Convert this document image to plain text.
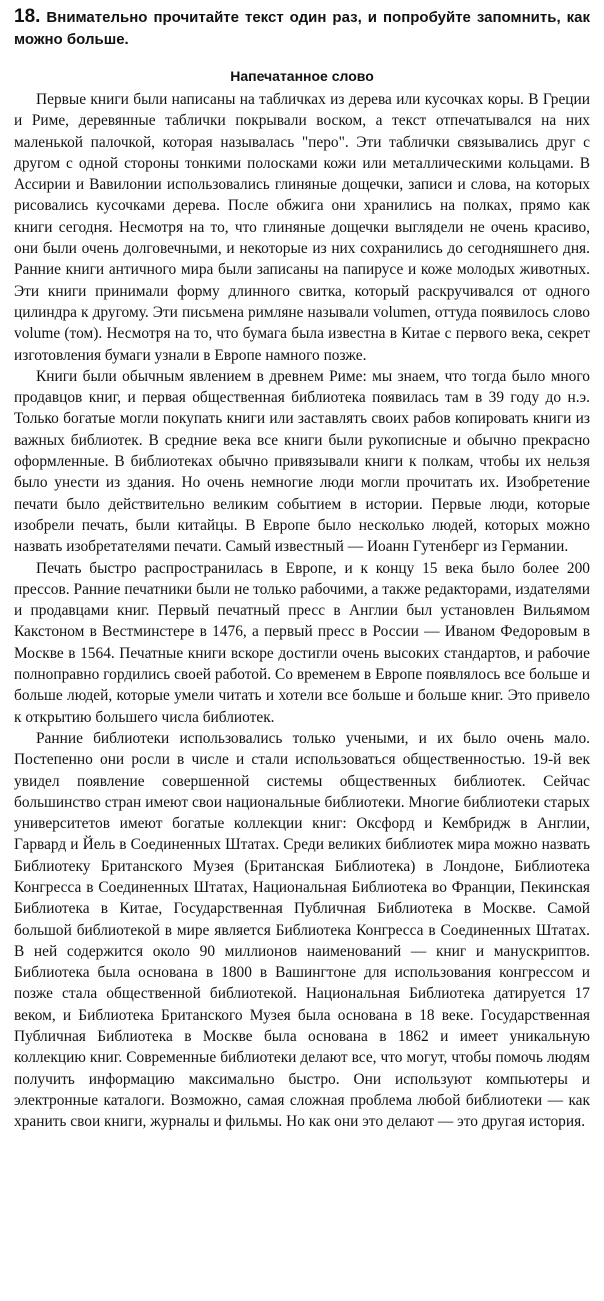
18. Внимательно прочитайте текст один раз, и попробуйте запомнить, как можно больше.

Напечатанное слово

Первые книги были написаны на табличках из дерева или кусочках коры. В Греции и Риме, деревянные таблички покрывали воском, а текст отпечатывался на них маленькой палочкой, которая называлась "перо". Эти таблички связывались друг с другом с одной стороны тонкими полосками кожи или металлическими кольцами. В Ассирии и Вавилонии использовались глиняные дощечки, записи и слова, на которых рисовались кусочками дерева. После обжига они хранились на полках, прямо как книги сегодня. Несмотря на то, что глиняные дощечки выглядели не очень красиво, они были очень долговечными, и некоторые из них сохранились до сегодняшнего дня. Ранние книги античного мира были записаны на папирусе и коже молодых животных. Эти книги принимали форму длинного свитка, который раскручивался от одного цилиндра к другому. Эти письмена римляне называли volumen, оттуда появилось слово volume (том). Несмотря на то, что бумага была известна в Китае с первого века, секрет изготовления бумаги узнали в Европе намного позже.

Книги были обычным явлением в древнем Риме: мы знаем, что тогда было много продавцов книг, и первая общественная библиотека появилась там в 39 году до н.э. Только богатые могли покупать книги или заставлять своих рабов копировать книги из важных библиотек. В средние века все книги были рукописные и обычно прекрасно оформленные. В библиотеках обычно привязывали книги к полкам, чтобы их нельзя было унести из здания. Но очень немногие люди могли прочитать их. Изобретение печати было действительно великим событием в истории. Первые люди, которые изобрели печать, были китайцы. В Европе было несколько людей, которых можно назвать изобретателями печати. Самый известный — Иоанн Гутенберг из Германии.

Печать быстро распространилась в Европе, и к концу 15 века было более 200 прессов. Ранние печатники были не только рабочими, а также редакторами, издателями и продавцами книг. Первый печатный пресс в Англии был установлен Вильямом Какстоном в Вестминстере в 1476, а первый пресс в России — Иваном Федоровым в Москве в 1564. Печатные книги вскоре достигли очень высоких стандартов, и рабочие полноправно гордились своей работой. Со временем в Европе появлялось все больше и больше людей, которые умели читать и хотели все больше и больше книг. Это привело к открытию большего числа библиотек.

Ранние библиотеки использовались только учеными, и их было очень мало. Постепенно они росли в числе и стали использоваться общественностью. 19-й век увидел появление совершенной системы общественных библиотек. Сейчас большинство стран имеют свои национальные библиотеки. Многие библиотеки старых университетов имеют богатые коллекции книг: Оксфорд и Кембридж в Англии, Гарвард и Йель в Соединенных Штатах. Среди великих библиотек мира можно назвать Библиотеку Британского Музея (Британская Библиотека) в Лондоне, Библиотека Конгресса в Соединенных Штатах, Национальная Библиотека во Франции, Пекинская Библиотека в Китае, Государственная Публичная Библиотека в Москве. Самой большой библиотекой в мире является Библиотека Конгресса в Соединенных Штатах. В ней содержится около 90 миллионов наименований — книг и манускриптов. Библиотека была основана в 1800 в Вашингтоне для использования конгрессом и позже стала общественной библиотекой. Национальная Библиотека датируется 17 веком, и Библиотека Британского Музея была основана в 18 веке. Государственная Публичная Библиотека в Москве была основана в 1862 и имеет уникальную коллекцию книг. Современные библиотеки делают все, что могут, чтобы помочь людям получить информацию максимально быстро. Они используют компьютеры и электронные каталоги. Возможно, самая сложная проблема любой библиотеки — как хранить свои книги, журналы и фильмы. Но как они это делают — это другая история.
